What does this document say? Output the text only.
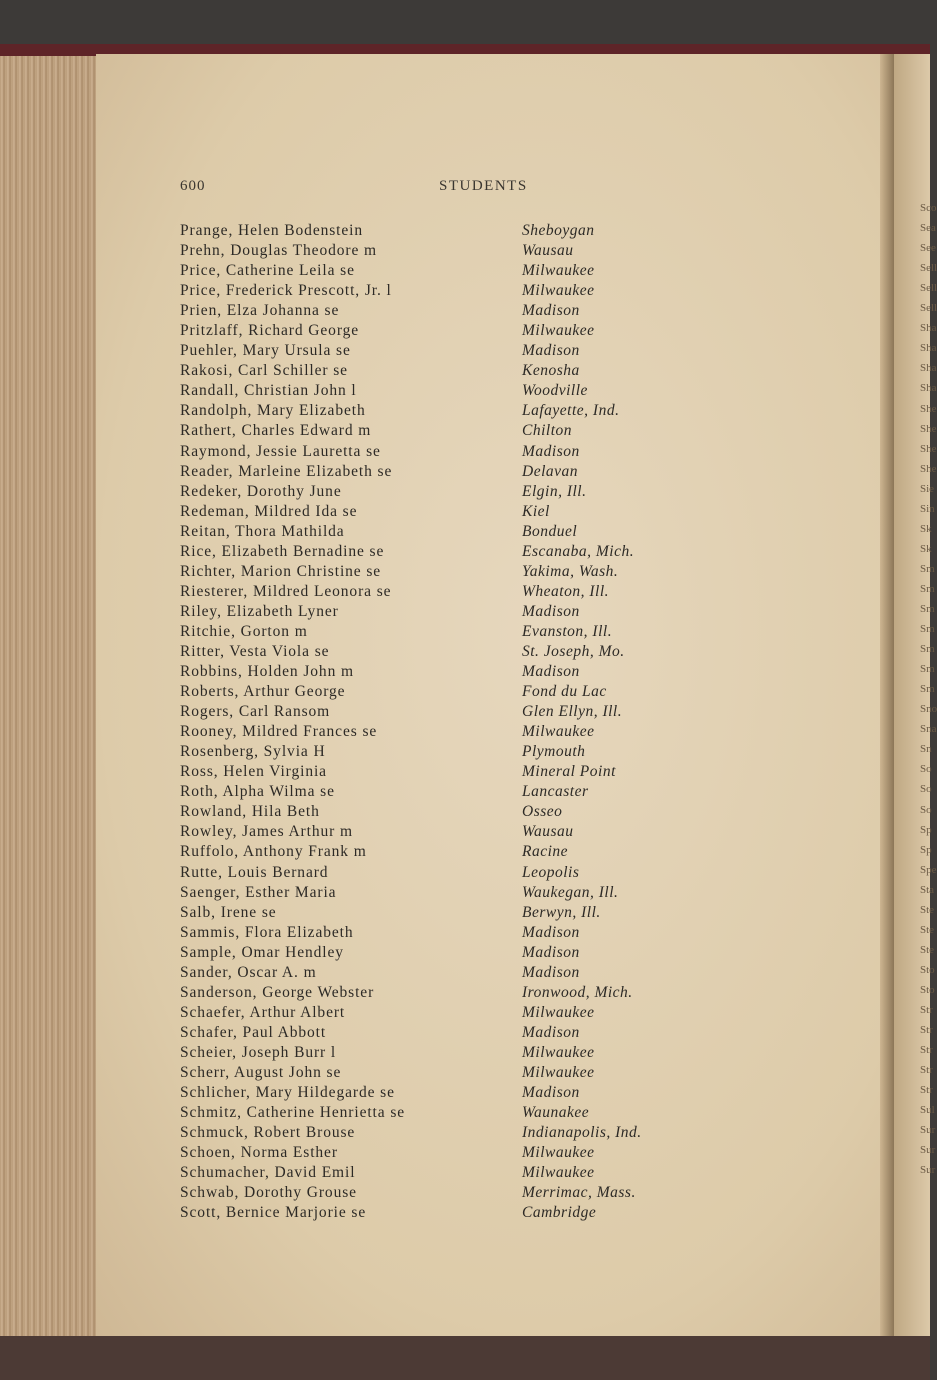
Sco
Sea
See
Sell
Sell
Sell
Sha
Sha
Sha
Sha
She
She
She
She
Sie
Sin
Sk
Sk
Sm
Sm
Sm
Sm
Sm
Sm
Sm
Sno
Sna
Sn
So
So
So
Sp
Sp
Spe
Sta
Ste
Ste
Ste
Sto
Sto
Str
Str
Str
Str
Str
Sul
Sur
Sur
Sur
600	STUDENTS
Prange, Helen Bodenstein	Sheboygan
Prehn, Douglas Theodore m	Wausau
Price, Catherine Leila se	Milwaukee
Price, Frederick Prescott, Jr. l	Milwaukee
Prien, Elza Johanna se	Madison
Pritzlaff, Richard George	Milwaukee
Puehler, Mary Ursula se	Madison
Rakosi, Carl Schiller se	Kenosha
Randall, Christian John l	Woodville
Randolph, Mary Elizabeth	Lafayette, Ind.
Rathert, Charles Edward m	Chilton
Raymond, Jessie Lauretta se	Madison
Reader, Marleine Elizabeth se	Delavan
Redeker, Dorothy June	Elgin, Ill.
Redeman, Mildred Ida se	Kiel
Reitan, Thora Mathilda	Bonduel
Rice, Elizabeth Bernadine se	Escanaba, Mich.
Richter, Marion Christine se	Yakima, Wash.
Riesterer, Mildred Leonora se	Wheaton, Ill.
Riley, Elizabeth Lyner	Madison
Ritchie, Gorton m	Evanston, Ill.
Ritter, Vesta Viola se	St. Joseph, Mo.
Robbins, Holden John m	Madison
Roberts, Arthur George	Fond du Lac
Rogers, Carl Ransom	Glen Ellyn, Ill.
Rooney, Mildred Frances se	Milwaukee
Rosenberg, Sylvia H	Plymouth
Ross, Helen Virginia	Mineral Point
Roth, Alpha Wilma se	Lancaster
Rowland, Hila Beth	Osseo
Rowley, James Arthur m	Wausau
Ruffolo, Anthony Frank m	Racine
Rutte, Louis Bernard	Leopolis
Saenger, Esther Maria	Waukegan, Ill.
Salb, Irene se	Berwyn, Ill.
Sammis, Flora Elizabeth	Madison
Sample, Omar Hendley	Madison
Sander, Oscar A. m	Madison
Sanderson, George Webster	Ironwood, Mich.
Schaefer, Arthur Albert	Milwaukee
Schafer, Paul Abbott	Madison
Scheier, Joseph Burr l	Milwaukee
Scherr, August John se	Milwaukee
Schlicher, Mary Hildegarde se	Madison
Schmitz, Catherine Henrietta se	Waunakee
Schmuck, Robert Brouse	Indianapolis, Ind.
Schoen, Norma Esther	Milwaukee
Schumacher, David Emil	Milwaukee
Schwab, Dorothy Grouse	Merrimac, Mass.
Scott, Bernice Marjorie se	Cambridge
